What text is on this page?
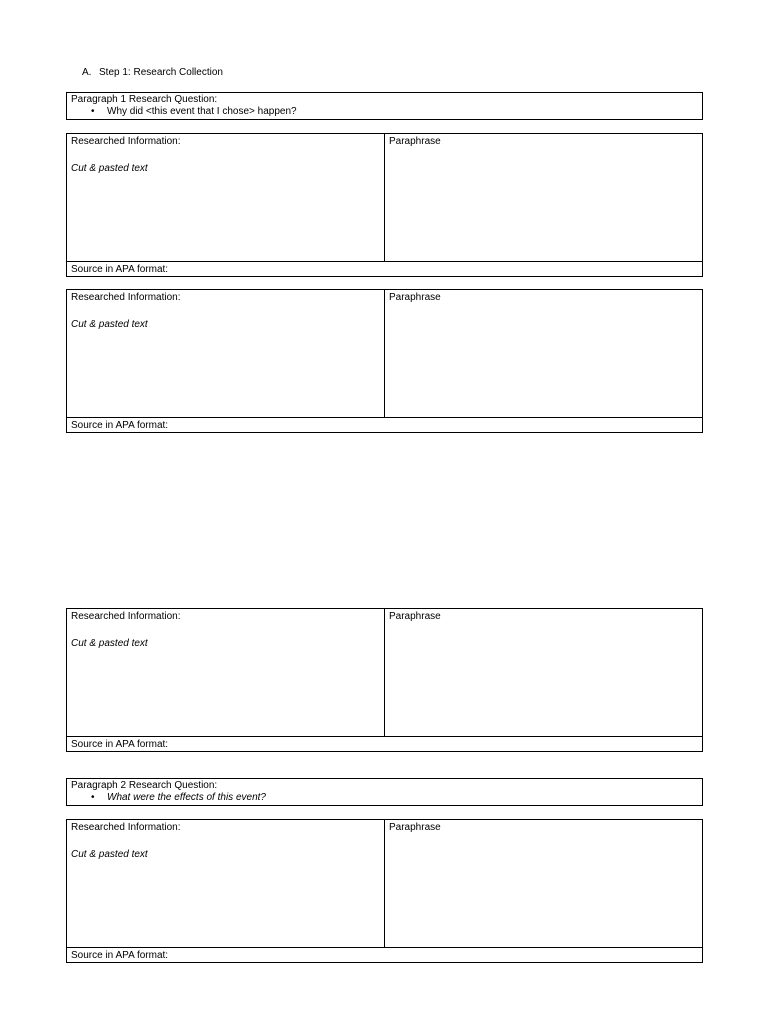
A. Step 1: Research Collection
Paragraph 1 Research Question:
• Why did <this event that I chose> happen?
Researched Information:
Cut & pasted text
Paraphrase
Source in APA format:
Researched Information:
Cut & pasted text
Paraphrase
Source in APA format:
Researched Information:
Cut & pasted text
Paraphrase
Source in APA format:
Paragraph 2 Research Question:
• What were the effects of this event?
Researched Information:
Cut & pasted text
Paraphrase
Source in APA format:
